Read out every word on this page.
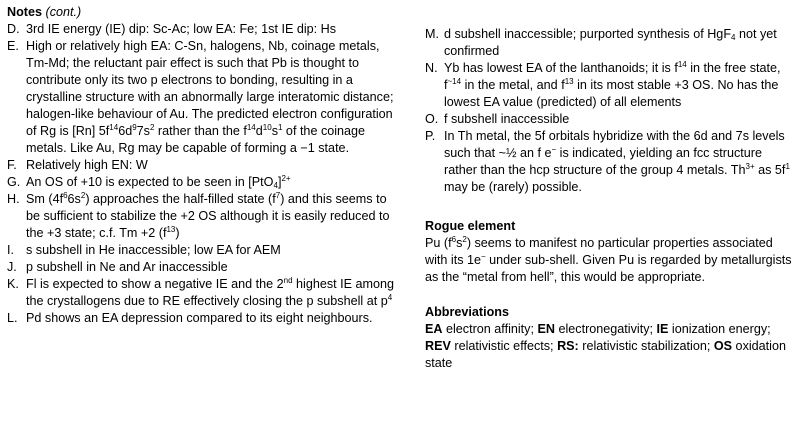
Notes (cont.)
D. 3rd IE energy (IE) dip: Sc-Ac; low EA: Fe; 1st IE dip: Hs
E. High or relatively high EA: C-Sn, halogens, Nb, coinage metals, Tm-Md; the reluctant pair effect is such that Pb is thought to contribute only its two p electrons to bonding, resulting in a crystalline structure with an abnormally large interatomic distance; halogen-like behaviour of Au. The predicted electron configuration of Rg is [Rn] $5f^{14}6d^97s^2$ rather than the $f^{14}d^{10}s^1$ of the coinage metals. Like Au, Rg may be capable of forming a −1 state.
F. Relatively high EN: W
G. An OS of +10 is expected to be seen in $[PtO_4]^{2+}$
H. Sm $(4f^66s^2)$ approaches the half-filled state $(f^7)$ and this seems to be sufficient to stabilize the +2 OS although it is easily reduced to the +3 state; c.f. Tm +2 $(f^{13})$
I. s subshell in He inaccessible; low EA for AEM
J. p subshell in Ne and Ar inaccessible
K. Fl is expected to show a negative IE and the 2nd highest IE among the crystallogens due to RE effectively closing the p subshell at $p^4$
L. Pd shows an EA depression compared to its eight neighbours.
M. d subshell inaccessible; purported synthesis of HgF$_4$ not yet confirmed
N. Yb has lowest EA of the lanthanoids; it is $f^{14}$ in the free state, $f^{\sim 14}$ in the metal, and $f^{13}$ in its most stable +3 OS. No has the lowest EA value (predicted) of all elements
O. f subshell inaccessible
P. In Th metal, the 5f orbitals hybridize with the 6d and 7s levels such that ~½ an f e− is indicated, yielding an fcc structure rather than the hcp structure of the group 4 metals. $Th^{3+}$ as $5f^1$ may be (rarely) possible.
Rogue element
Pu $(f^6s^2)$ seems to manifest no particular properties associated with its 1e− under sub-shell. Given Pu is regarded by metallurgists as the “metal from hell”, this would be appropriate.
Abbreviations
EA electron affinity; EN electronegativity; IE ionization energy; REV relativistic effects; RS: relativistic stabilization; OS oxidation state
